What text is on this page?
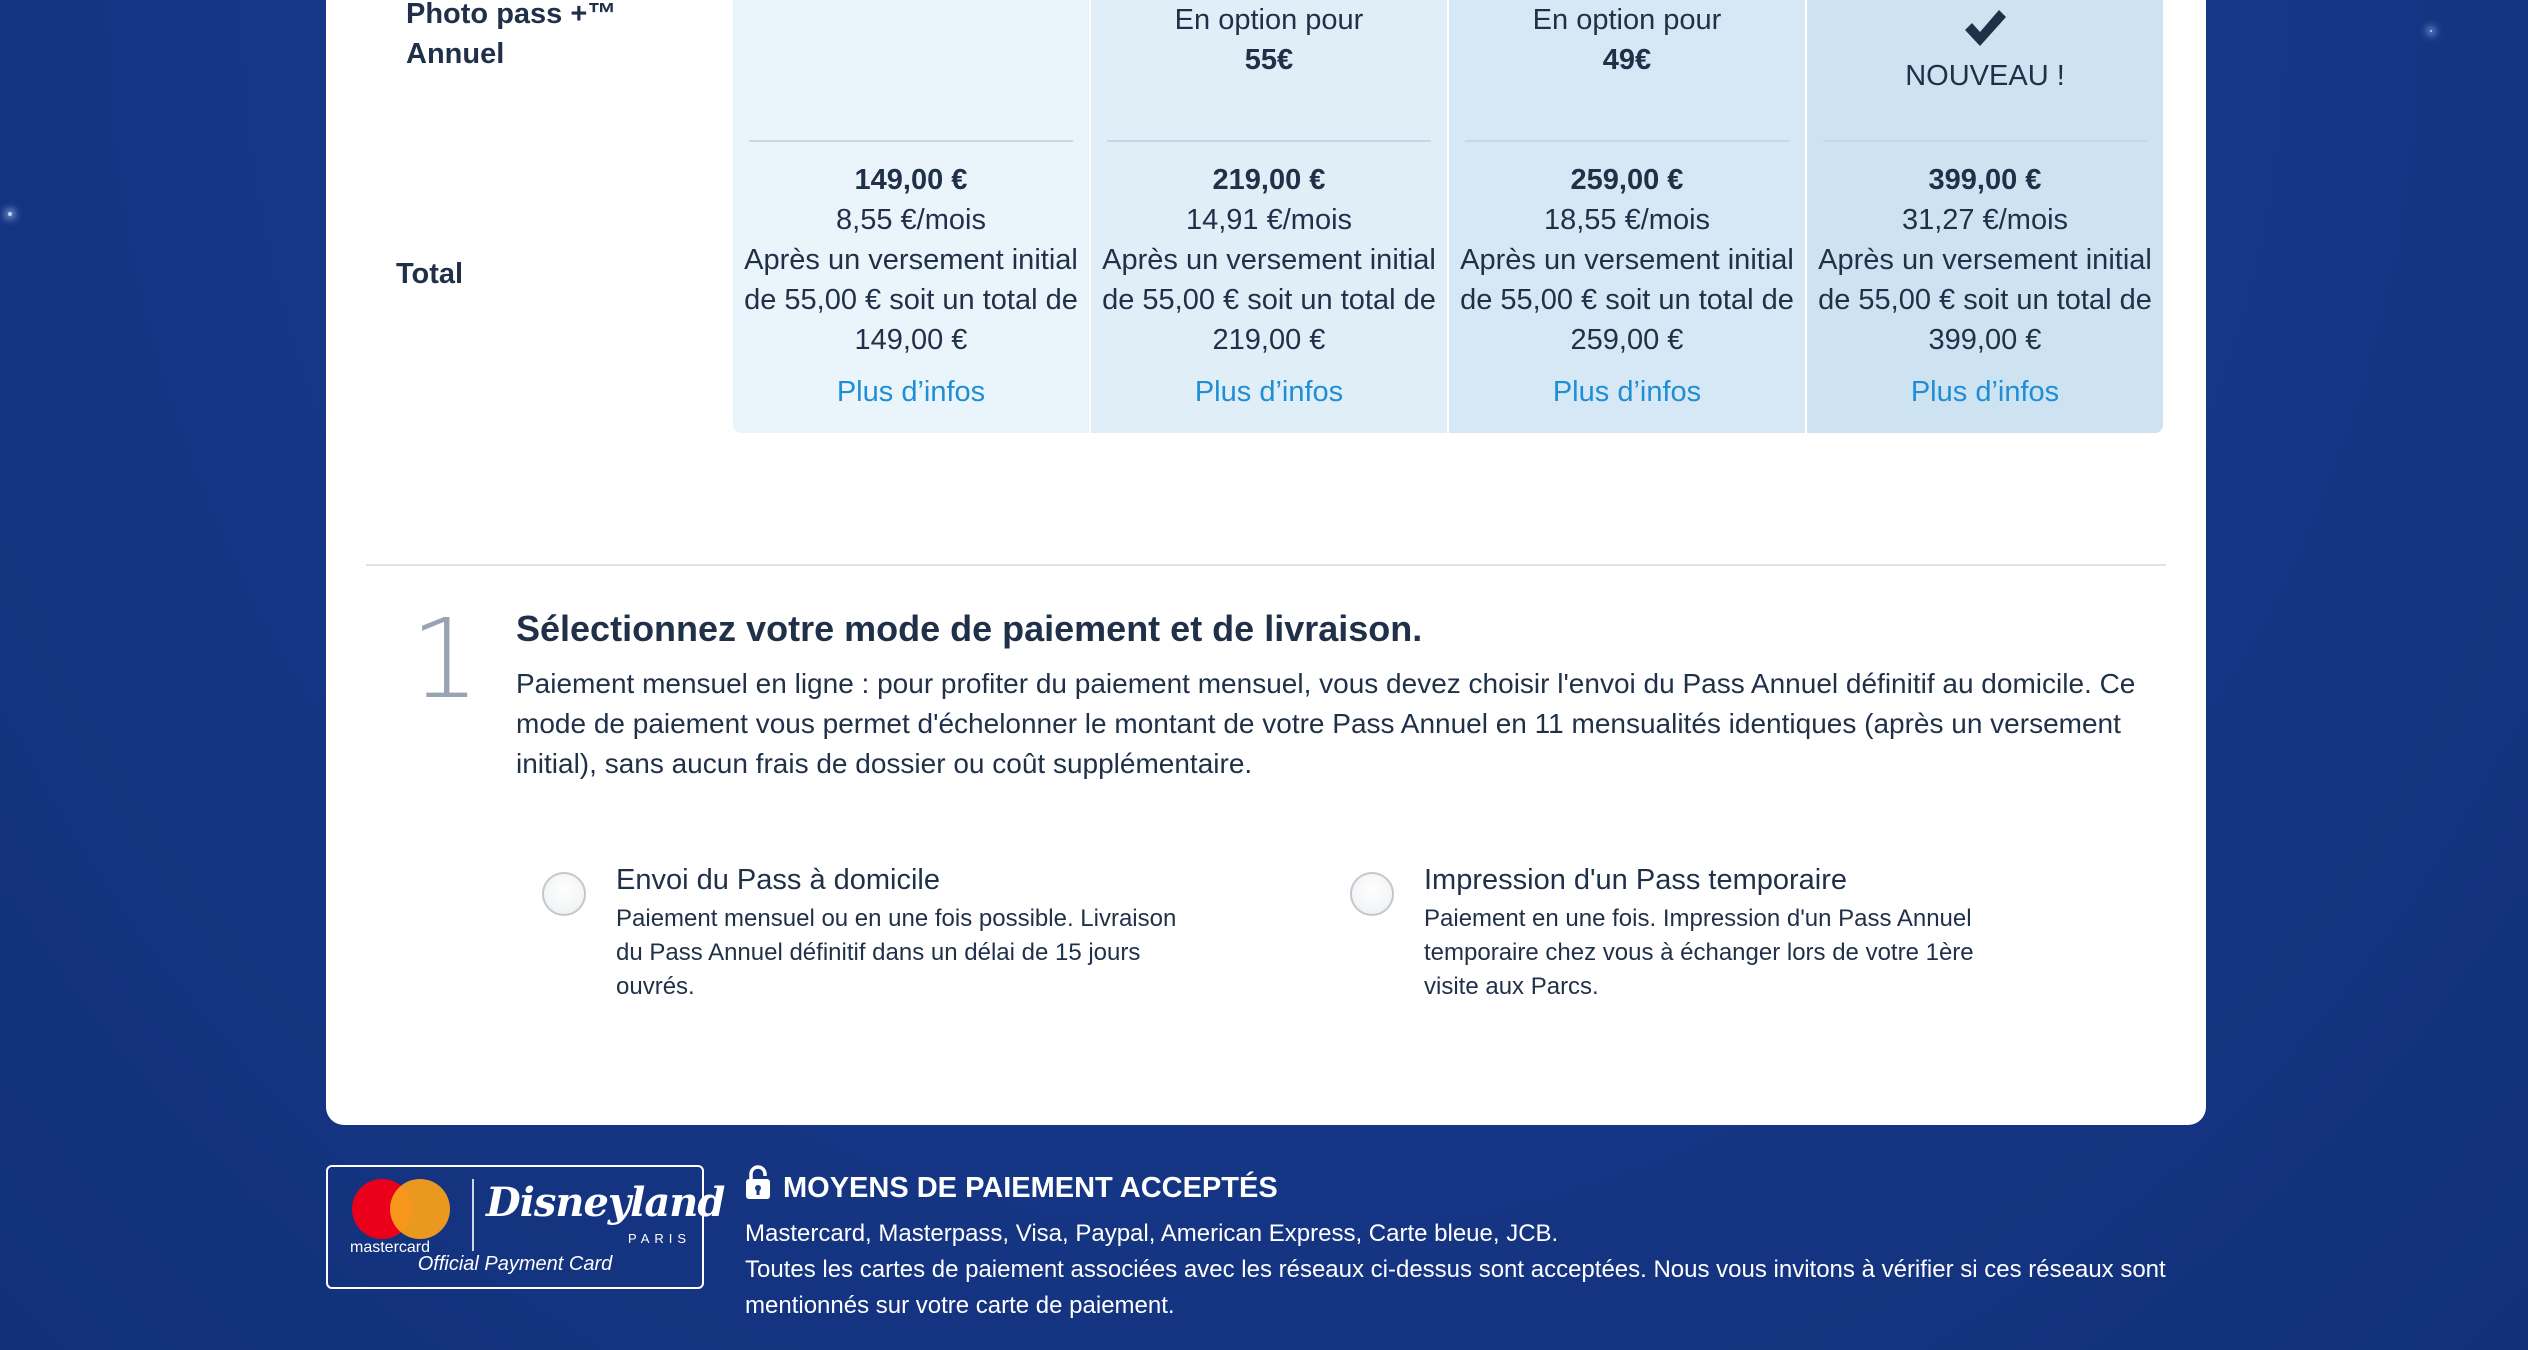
Photo pass +™
Annuel
Total
149,00 €
8,55 €/mois
Après un versement initial de 55,00 € soit un total de 149,00 €
Plus d’infos
En option pour
55€
219,00 €
14,91 €/mois
Après un versement initial de 55,00 € soit un total de 219,00 €
Plus d’infos
En option pour
49€
259,00 €
18,55 €/mois
Après un versement initial de 55,00 € soit un total de 259,00 €
Plus d’infos
NOUVEAU !
399,00 €
31,27 €/mois
Après un versement initial de 55,00 € soit un total de 399,00 €
Plus d’infos
1 Sélectionnez votre mode de paiement et de livraison.
Paiement mensuel en ligne : pour profiter du paiement mensuel, vous devez choisir l'envoi du Pass Annuel définitif au domicile. Ce mode de paiement vous permet d'échelonner le montant de votre Pass Annuel en 11 mensualités identiques (après un versement initial), sans aucun frais de dossier ou coût supplémentaire.
Envoi du Pass à domicile
Paiement mensuel ou en une fois possible. Livraison du Pass Annuel définitif dans un délai de 15 jours ouvrés.
Impression d'un Pass temporaire
Paiement en une fois. Impression d'un Pass Annuel temporaire chez vous à échanger lors de votre 1ère visite aux Parcs.
mastercard
Disneyland
PARIS
Official Payment Card
MOYENS DE PAIEMENT ACCEPTÉS
Mastercard, Masterpass, Visa, Paypal, American Express, Carte bleue, JCB.
Toutes les cartes de paiement associées avec les réseaux ci-dessus sont acceptées. Nous vous invitons à vérifier si ces réseaux sont mentionnés sur votre carte de paiement.
